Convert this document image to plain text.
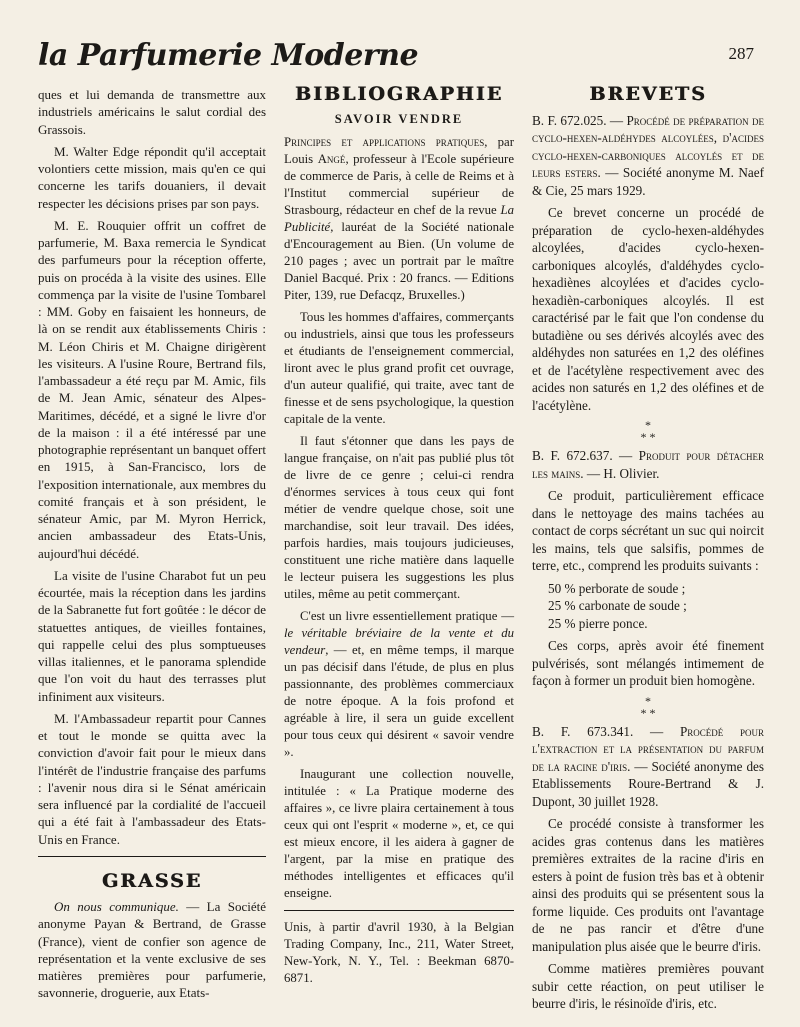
la Parfumerie Moderne	287

ques et lui demanda de transmettre aux industriels américains le salut cordial des Grassois.

M. Walter Edge répondit qu'il acceptait volontiers cette mission, mais qu'en ce qui concerne les tarifs douaniers, il devait respecter les décisions prises par son pays.

M. E. Rouquier offrit un coffret de parfumerie, M. Baxa remercia le Syndicat des parfumeurs pour la réception offerte, puis on procéda à la visite des usines. Elle commença par la visite de l'usine Tombarel : MM. Goby en faisaient les honneurs, de là on se rendit aux établissements Chiris : M. Léon Chiris et M. Chaigne dirigèrent les visiteurs. A l'usine Roure, Bertrand fils, l'ambassadeur a été reçu par M. Amic, fils de M. Jean Amic, sénateur des Alpes-Maritimes, décédé, et a signé le livre d'or de la maison : il a été intéressé par une photographie représentant un banquet offert en 1915, à San-Francisco, lors de l'exposition internationale, aux membres du comité français et à son président, le sénateur Amic, par M. Myron Herrick, ancien ambassadeur des Etats-Unis, aujourd'hui décédé.

La visite de l'usine Charabot fut un peu écourtée, mais la réception dans les jardins de la Sabranette fut fort goûtée : le décor de statuettes antiques, de vieilles fontaines, qui rappelle celui des plus somptueuses villas italiennes, et le panorama splendide que l'on voit du haut des terrasses plut infiniment aux visiteurs.

M. l'Ambassadeur repartit pour Cannes et tout le monde se quitta avec la conviction d'avoir fait pour le mieux dans l'intérêt de l'industrie française des parfums : l'avenir nous dira si le Sénat américain sera influencé par la cordialité de l'accueil qui a été fait à l'ambassadeur des Etats-Unis en France.

GRASSE

On nous communique. — La Société anonyme Payan & Bertrand, de Grasse (France), vient de confier son agence de représentation et la vente exclusive de ses matières premières pour parfumerie, savonnerie, droguerie, aux Etats-

BIBLIOGRAPHIE
SAVOIR VENDRE

Principes et applications pratiques, par Louis Angé, professeur à l'Ecole supérieure de commerce de Paris, à celle de Reims et à l'Institut commercial supérieur de Strasbourg, rédacteur en chef de la revue La Publicité, lauréat de la Société nationale d'Encouragement au Bien. (Un volume de 210 pages ; avec un portrait par le maître Daniel Bacqué. Prix : 20 francs. — Editions Piter, 139, rue Defacqz, Bruxelles.)

Tous les hommes d'affaires, commerçants ou industriels, ainsi que tous les professeurs et étudiants de l'enseignement commercial, liront avec le plus grand profit cet ouvrage, d'un auteur qualifié, qui traite, avec tant de finesse et de sens psychologique, la question capitale de la vente.

Il faut s'étonner que dans les pays de langue française, on n'ait pas publié plus tôt de livre de ce genre ; celui-ci rendra d'énormes services à tous ceux qui font métier de vendre quelque chose, soit une marchandise, soit leur travail. Des idées, parfois hardies, mais toujours judicieuses, constituent une riche matière dans laquelle le lecteur puisera les suggestions les plus utiles, même au petit commerçant.

C'est un livre essentiellement pratique — le véritable bréviaire de la vente et du vendeur, — et, en même temps, il marque un pas décisif dans l'étude, de plus en plus passionnante, des problèmes commerciaux de notre époque. A la fois profond et agréable à lire, il sera un guide excellent pour tous ceux qui désirent « savoir vendre ».

Inaugurant une collection nouvelle, intitulée : « La Pratique moderne des affaires », ce livre plaira certainement à tous ceux qui ont l'esprit « moderne », et, ce qui est mieux encore, il les aidera à gagner de l'argent, par la mise en pratique des méthodes intelligentes et efficaces qu'il enseigne.

Unis, à partir d'avril 1930, à la Belgian Trading Company, Inc., 211, Water Street, New-York, N. Y., Tel. : Beekman 6870-6871.

BREVETS

B. F. 672.025. — Procédé de préparation de cyclo-hexen-aldéhydes alcoylées, d'acides cyclo-hexen-carboniques alcoylés et de leurs esters. — Société anonyme M. Naef & Cie, 25 mars 1929.

Ce brevet concerne un procédé de préparation de cyclo-hexen-aldéhydes alcoylées, d'acides cyclo-hexen-carboniques alcoylés, d'aldéhydes cyclo-hexadiènes alcoylées et d'acides cyclo-hexadièn-carboniques alcoylés. Il est caractérisé par le fait que l'on condense du butadiène ou ses dérivés alcoylés avec des aldéhydes non saturées en 1,2 des oléfines et de l'acétylène respectivement avec des acides non saturés en 1,2 des oléfines et de l'acétylène.

*
* *

B. F. 672.637. — Produit pour détacher les mains. — H. Olivier.

Ce produit, particulièrement efficace dans le nettoyage des mains tachées au contact de corps sécrétant un suc qui noircit les mains, tels que salsifis, pommes de terre, etc., comprend les produits suivants :

50 % perborate de soude ;
25 % carbonate de soude ;
25 % pierre ponce.

Ces corps, après avoir été finement pulvérisés, sont mélangés intimement de façon à former un produit bien homogène.

*
* *

B. F. 673.341. — Procédé pour l'extraction et la présentation du parfum de la racine d'iris. — Société anonyme des Etablissements Roure-Bertrand & J. Dupont, 30 juillet 1928.

Ce procédé consiste à transformer les acides gras contenus dans les matières premières extraites de la racine d'iris en esters à point de fusion très bas et à obtenir ainsi des produits qui se présentent sous la forme liquide. Ces produits ont l'avantage de ne pas rancir et d'être d'une manipulation plus aisée que le beurre d'iris.

Comme matières premières pouvant subir cette réaction, on peut utiliser le beurre d'iris, le résinoïde d'iris, etc.
